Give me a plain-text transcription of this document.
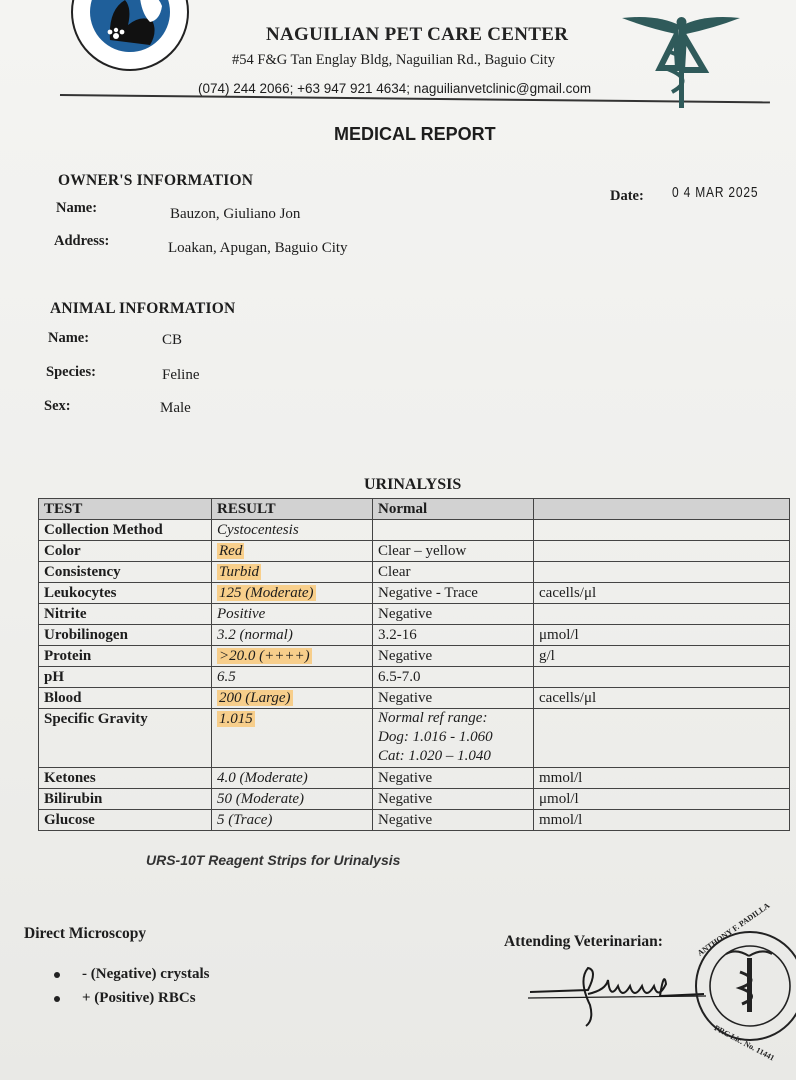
NAGUILIAN PET CARE CENTER
#54 F&G Tan Englay Bldg, Naguilian Rd., Baguio City
(074) 244 2066; +63 947 921 4634; naguilianvetclinic@gmail.com
MEDICAL REPORT
OWNER'S INFORMATION
Name:	Bauzon, Giuliano Jon
Address:	Loakan, Apugan, Baguio City
Date: 0 4 MAR 2025
ANIMAL INFORMATION
Name:	CB
Species:	Feline
Sex:	Male
URINALYSIS
TEST	RESULT	Normal	
Collection Method	Cystocentesis		
Color	Red	Clear – yellow	
Consistency	Turbid	Clear	
Leukocytes	125 (Moderate)	Negative - Trace	cacells/μl
Nitrite	Positive	Negative	
Urobilinogen	3.2 (normal)	3.2-16	μmol/l
Protein	>20.0 (++++)	Negative	g/l
pH	6.5	6.5-7.0	
Blood	200 (Large)	Negative	cacells/μl
Specific Gravity	1.015	Normal ref range:
Dog: 1.016 - 1.060
Cat: 1.020 – 1.040	

Ketones	4.0 (Moderate)	Negative	mmol/l
Bilirubin	50 (Moderate)	Negative	μmol/l
Glucose	5 (Trace)	Negative	mmol/l
URS-10T Reagent Strips for Urinalysis
Direct Microscopy
- (Negative) crystals
+ (Positive) RBCs
Attending Veterinarian:	ANTHONY F. PADILLA
PRC Lic. No. 11441
